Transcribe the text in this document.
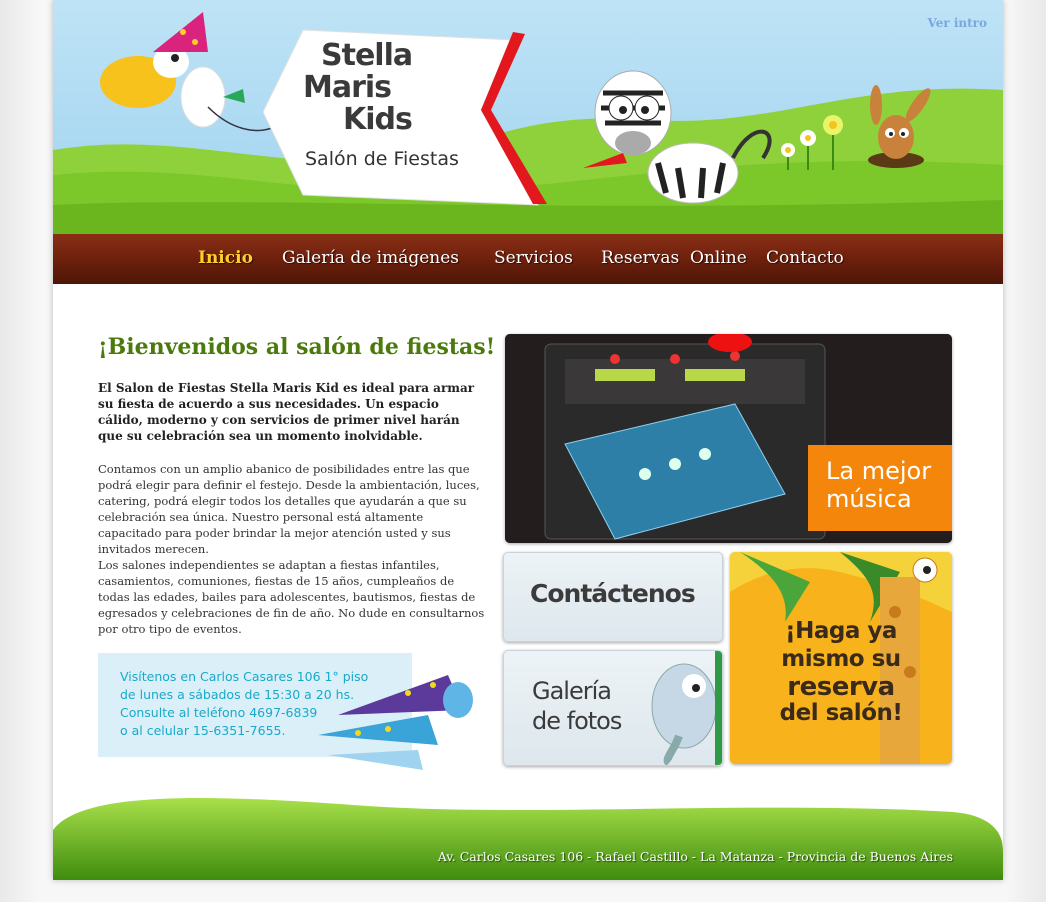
Stella
Maris
Kids
Salón de Fiestas
Ver intro
Inicio Galería de imágenes Servicios Reservas  Online Contacto
¡Bienvenidos al salón de fiestas!

El Salon de Fiestas Stella Maris Kid es ideal para armar su fiesta de acuerdo a sus necesidades. Un espacio cálido, moderno y con servicios de primer nivel harán que su celebración sea un momento inolvidable.

Contamos con un amplio abanico de posibilidades entre las que podrá elegir para definir el festejo. Desde la ambientación, luces, catering, podrá elegir todos los detalles que ayudarán a que su celebración sea única. Nuestro personal está altamente capacitado para poder brindar la mejor atención usted y sus invitados merecen.

Los salones independientes se adaptan a fiestas infantiles, casamientos, comuniones, fiestas de 15 años, cumpleaños de todas las edades, bailes para adolescentes, bautismos, fiestas de egresados y celebraciones de fin de año. No dude en consultarnos por otro tipo de eventos.

Visítenos en Carlos Casares 106 1° piso
de lunes a sábados de 15:30 a 20 hs.
Consulte al teléfono 4697-6839
o al celular 15-6351-7655.
La mejor
música
Contáctenos
Galería
de fotos
¡Haga ya
mismo su
reserva
del salón!
Av. Carlos Casares 106 - Rafael Castillo - La Matanza - Provincia de Buenos Aires
